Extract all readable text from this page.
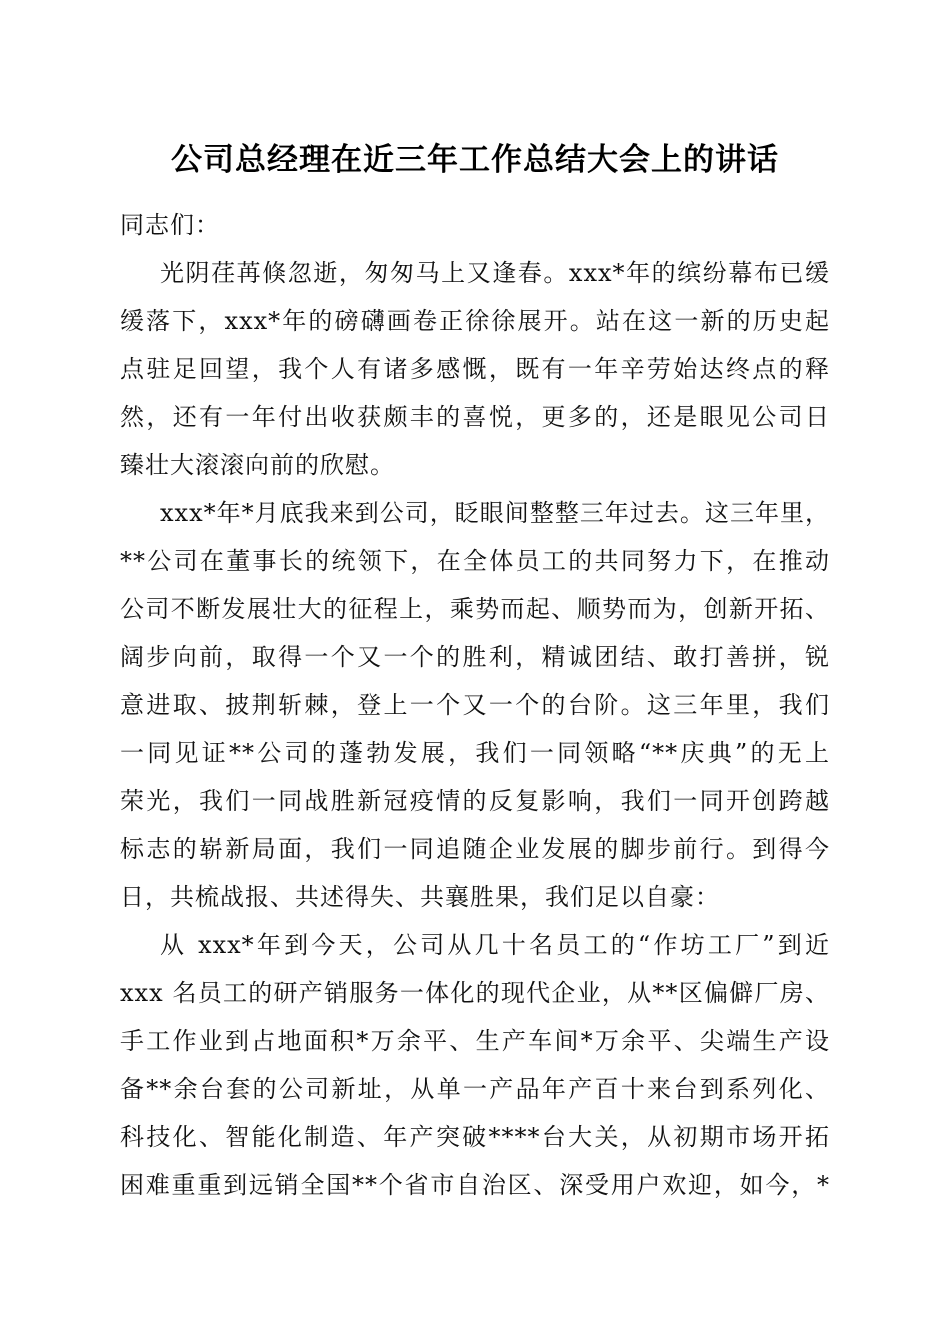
公司总经理在近三年工作总结大会上的讲话
同志们：
光阴荏苒倏忽逝，匆匆马上又逢春。xxx*年的缤纷幕布已缓
缓落下，xxx*年的磅礴画卷正徐徐展开。站在这一新的历史起
点驻足回望，我个人有诸多感慨，既有一年辛劳始达终点的释
然，还有一年付出收获颇丰的喜悦，更多的，还是眼见公司日
臻壮大滚滚向前的欣慰。
xxx*年*月底我来到公司，眨眼间整整三年过去。这三年里，
**公司在董事长的统领下，在全体员工的共同努力下，在推动
公司不断发展壮大的征程上，乘势而起、顺势而为，创新开拓、
阔步向前，取得一个又一个的胜利，精诚团结、敢打善拼，锐
意进取、披荆斩棘，登上一个又一个的台阶。这三年里，我们
一同见证**公司的蓬勃发展，我们一同领略“**庆典”的无上
荣光，我们一同战胜新冠疫情的反复影响，我们一同开创跨越
标志的崭新局面，我们一同追随企业发展的脚步前行。到得今
日，共梳战报、共述得失、共襄胜果，我们足以自豪：
从 xxx*年到今天，公司从几十名员工的“作坊工厂”到近
xxx 名员工的研产销服务一体化的现代企业，从**区偏僻厂房、
手工作业到占地面积*万余平、生产车间*万余平、尖端生产设
备**余台套的公司新址，从单一产品年产百十来台到系列化、
科技化、智能化制造、年产突破****台大关，从初期市场开拓
困难重重到远销全国**个省市自治区、深受用户欢迎，如今，*
